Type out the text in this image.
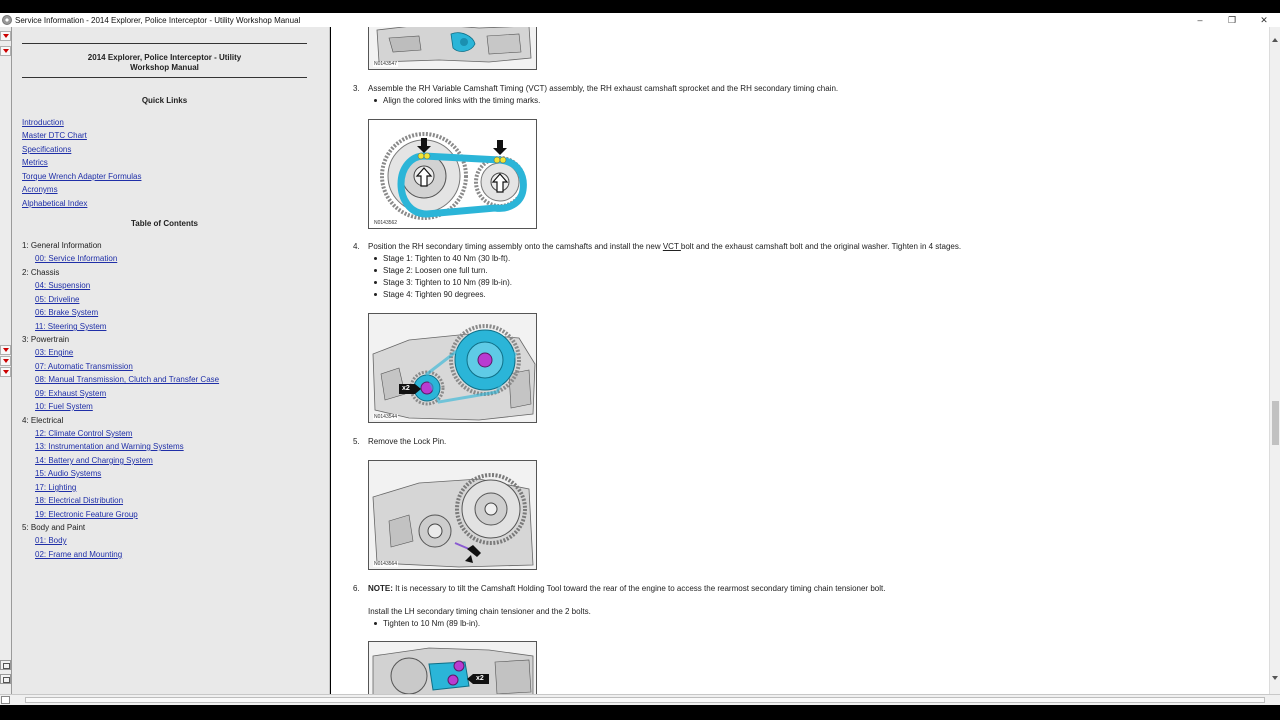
Service Information - 2014 Explorer, Police Interceptor - Utility Workshop Manual	–	❐	✕
2014 Explorer, Police Interceptor - Utility
Workshop Manual
Quick Links
Introduction
Master DTC Chart
Specifications
Metrics
Torque Wrench Adapter Formulas
Acronyms
Alphabetical Index
Table of Contents
1: General Information
00: Service Information
2: Chassis
04: Suspension
05: Driveline
06: Brake System
11: Steering System
3: Powertrain
03: Engine
07: Automatic Transmission
08: Manual Transmission, Clutch and Transfer Case
09: Exhaust System
10: Fuel System
4: Electrical
12: Climate Control System
13: Instrumentation and Warning Systems
14: Battery and Charging System
15: Audio Systems
17: Lighting
18: Electrical Distribution
19: Electronic Feature Group
5: Body and Paint
01: Body
02: Frame and Mounting
N0143547
3. Assemble the RH Variable Camshaft Timing (VCT) assembly, the RH exhaust camshaft sprocket and the RH secondary timing chain.
Align the colored links with the timing marks.
N0143562
4. Position the RH secondary timing assembly onto the camshafts and install the new VCT bolt and the exhaust camshaft bolt and the original washer. Tighten in 4 stages.
Stage 1: Tighten to 40 Nm (30 lb-ft).
Stage 2: Loosen one full turn.
Stage 3: Tighten to 10 Nm (89 lb-in).
Stage 4: Tighten 90 degrees.
x2
N0143544
5. Remove the Lock Pin.
N0143564
6. NOTE: It is necessary to tilt the Camshaft Holding Tool toward the rear of the engine to access the rearmost secondary timing chain tensioner bolt.
Install the LH secondary timing chain tensioner and the 2 bolts.
Tighten to 10 Nm (89 lb-in).
x2
